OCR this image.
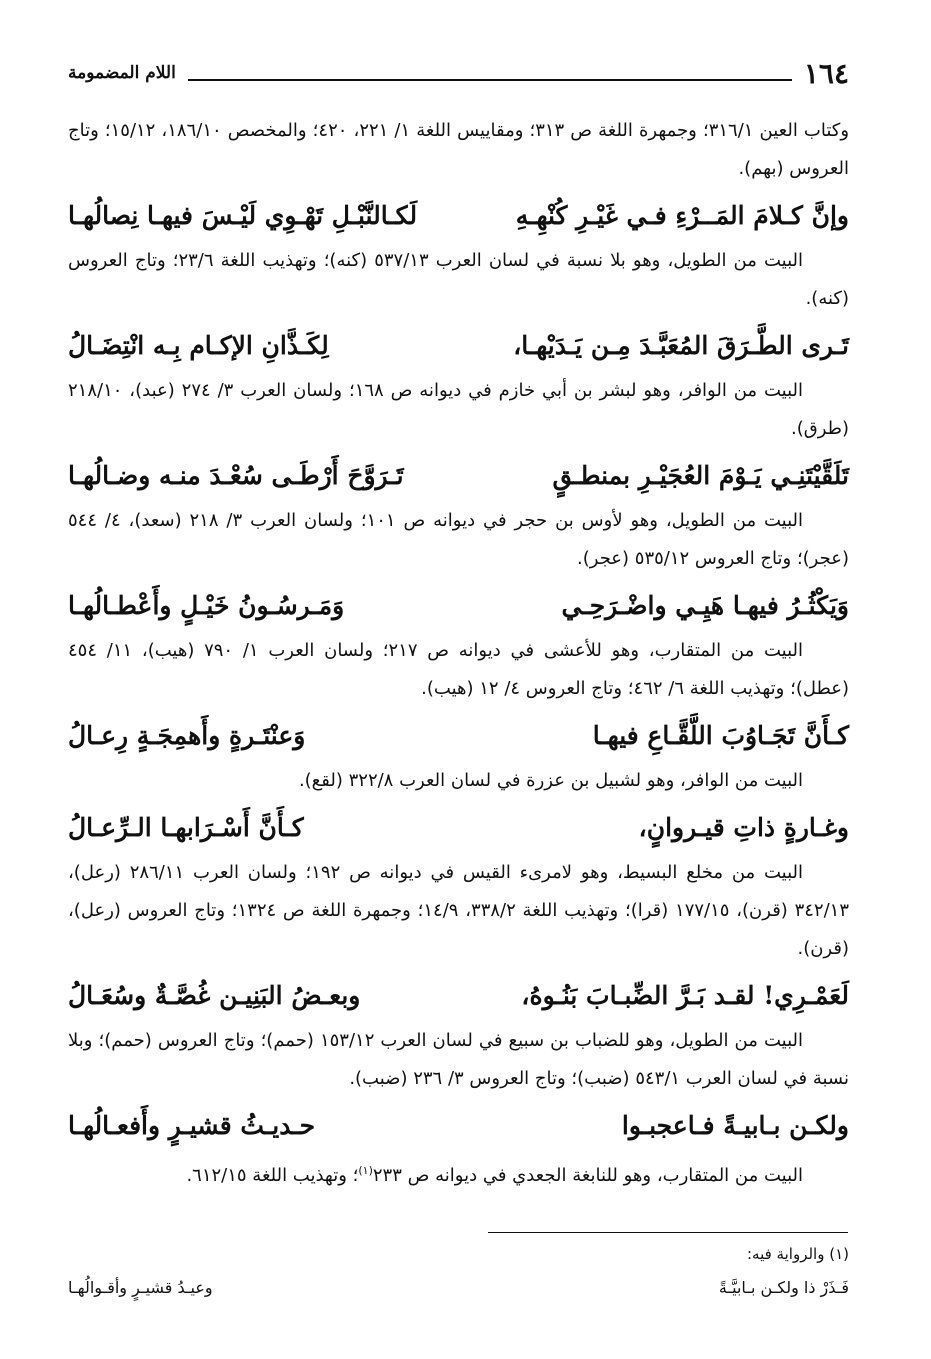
١٦٤
اللام المضمومة

وكتاب العين ٣١٦/١؛ وجمهرة اللغة ص ٣١٣؛ ومقاييس اللغة ١/ ٢٢١، ٤٢٠؛ والمخصص ١٨٦/١٠، ١٥/١٢؛ وتاج العروس (بهم).

وإنَّ كـلامَ المَــرْءِ فـي غَيْـرِ كُنْهِـهِ
لَكـالنَّبْـلِ تَهْـوِي لَيْـسَ فيهـا نِصالُهـا

البيت من الطويل، وهو بلا نسبة في لسان العرب ٥٣٧/١٣ (كنه)؛ وتهذيب اللغة ٢٣/٦؛ وتاج العروس (كنه).

تَـرى الطَّـرَقَ المُعَبَّـدَ مِـن يَـدَيْهـا،
لِكَـذَّانِ الإكـام بِـه انْتِضَـالُ

البيت من الوافر، وهو لبشر بن أبي خازم في ديوانه ص ١٦٨؛ ولسان العرب ٣/ ٢٧٤ (عبد)، ٢١٨/١٠ (طرق).

تَلَقَّيْتَنِـي يَـوْمَ العُجَيْـرِ بمنطـقٍ
تَـرَوَّحَ أَرْطَـى سُعْـدَ منـه وضـالُهـا

البيت من الطويل، وهو لأوس بن حجر في ديوانه ص ١٠١؛ ولسان العرب ٣/ ٢١٨ (سعد)، ٤/ ٥٤٤ (عجر)؛ وتاج العروس ٥٣٥/١٢ (عجر).

وَيَكْثُـرُ فيهـا هَيِـي واضْـرَحِـي
وَمَـرسُـونُ خَيْـلٍ وأَعْطـالُهـا

البيت من المتقارب، وهو للأعشى في ديوانه ص ٢١٧؛ ولسان العرب ١/ ٧٩٠ (هيب)، ١١/ ٤٥٤ (عطل)؛ وتهذيب اللغة ٦/ ٤٦٢؛ وتاج العروس ٤/ ١٢ (هيب).

كـأَنَّ تَجَـاوُبَ اللَّقَّـاعِ فيهـا
وَعنْتَـرةٍ وأَهمِجَـةٍ رِعـالُ

البيت من الوافر، وهو لشبيل بن عزرة في لسان العرب ٣٢٢/٨ (لقع).

وغـارةٍ ذاتِ قيـروانٍ،
كـأَنَّ أَسْـرَابهـا الـرِّعـالُ

البيت من مخلع البسيط، وهو لامرىء القيس في ديوانه ص ١٩٢؛ ولسان العرب ٢٨٦/١١ (رعل)، ٣٤٢/١٣ (قرن)، ١٧٧/١٥ (قرا)؛ وتهذيب اللغة ٣٣٨/٢، ١٤/٩؛ وجمهرة اللغة ص ١٣٢٤؛ وتاج العروس (رعل)، (قرن).

لَعَمْـرِي! لقـد بَـرَّ الضِّبـابَ بَنُـوهُ،
وبعـضُ البَنِيـن غُصَّـةٌ وسُعَـالُ

البيت من الطويل، وهو للضباب بن سبيع في لسان العرب ١٥٣/١٢ (حمم)؛ وتاج العروس (حمم)؛ وبلا نسبة في لسان العرب ٥٤٣/١ (ضبب)؛ وتاج العروس ٣/ ٢٣٦ (ضبب).

ولكـن بـابيـةً فـاعجبـوا
حـديـثُ قشيـرٍ وأَفعـالُهـا

البيت من المتقارب، وهو للنابغة الجعدي في ديوانه ص ٢٣٣$^{(١)}$؛ وتهذيب اللغة ٦١٢/١٥.

(١) والرواية فيه:
فَـذَرْ ذا ولكـن بـابيَّـةً
وعيـدُ قشيـرٍ وأقـوالُهـا
